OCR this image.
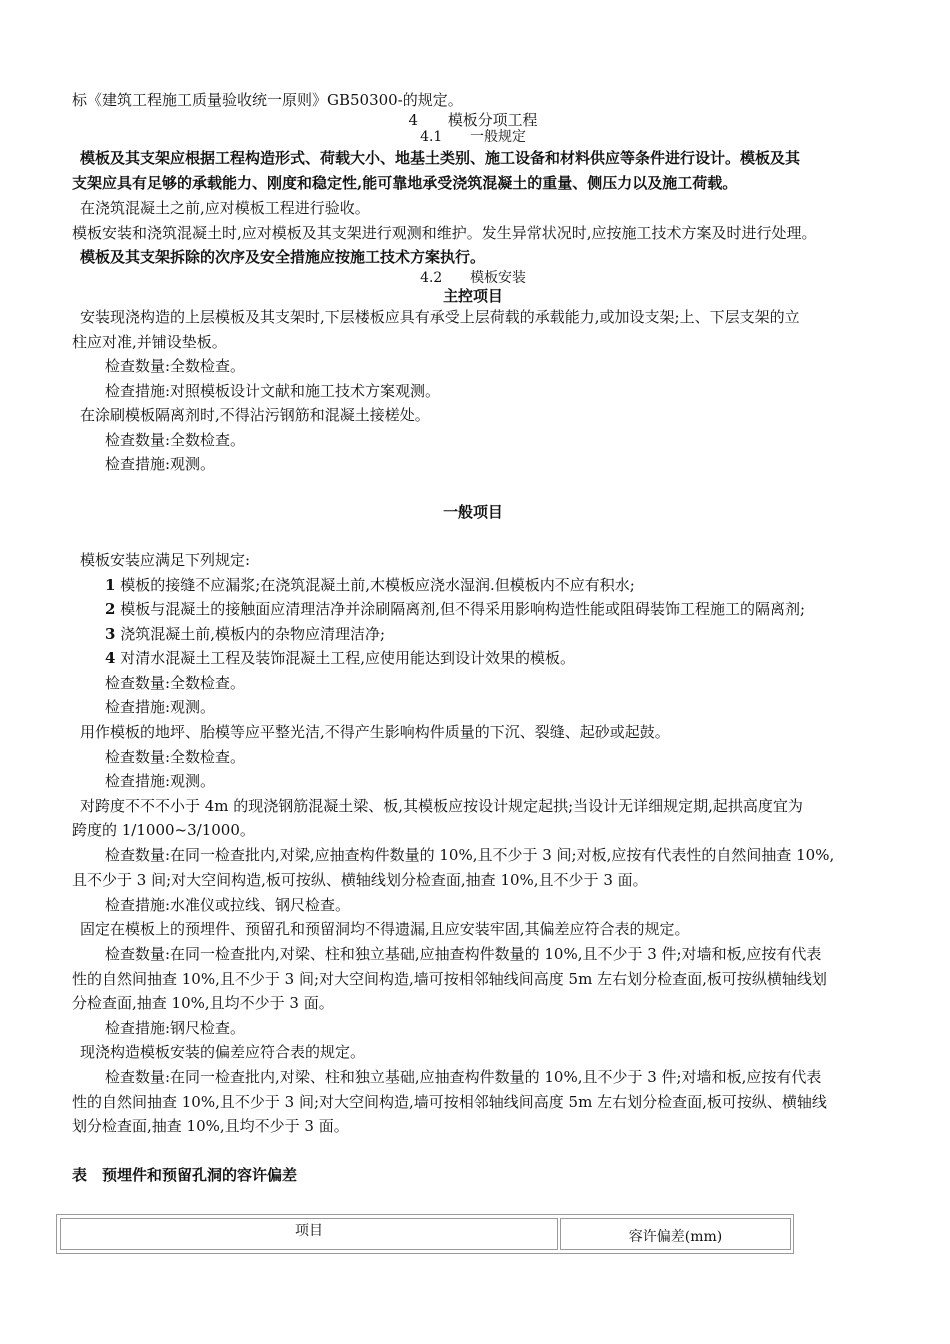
标《建筑工程施工质量验收统一原则》GB50300-的规定。
4　　模板分项工程
4.1　　一般规定
模板及其支架应根据工程构造形式、荷载大小、地基土类别、施工设备和材料供应等条件进行设计。模板及其
支架应具有足够的承载能力、刚度和稳定性,能可靠地承受浇筑混凝土的重量、侧压力以及施工荷载。
在浇筑混凝土之前,应对模板工程进行验收。
模板安装和浇筑混凝土时,应对模板及其支架进行观测和维护。发生异常状况时,应按施工技术方案及时进行处理。
模板及其支架拆除的次序及安全措施应按施工技术方案执行。
4.2　　模板安装
主控项目
安装现浇构造的上层模板及其支架时,下层楼板应具有承受上层荷载的承载能力,或加设支架;上、下层支架的立
柱应对准,并铺设垫板。
检查数量:全数检查。
检查措施:对照模板设计文献和施工技术方案观测。
在涂刷模板隔离剂时,不得沾污钢筋和混凝土接槎处。
检查数量:全数检查。
检查措施:观测。
一般项目
模板安装应满足下列规定:
1 模板的接缝不应漏浆;在浇筑混凝土前,木模板应浇水湿润.但模板内不应有积水;
2 模板与混凝土的接触面应清理洁净并涂刷隔离剂,但不得采用影响构造性能或阻碍装饰工程施工的隔离剂;
3 浇筑混凝土前,模板内的杂物应清理洁净;
4 对清水混凝土工程及装饰混凝土工程,应使用能达到设计效果的模板。
检查数量:全数检查。
检查措施:观测。
用作模板的地坪、胎模等应平整光洁,不得产生影响构件质量的下沉、裂缝、起砂或起鼓。
检查数量:全数检查。
检查措施:观测。
对跨度不不不小于 4m 的现浇钢筋混凝土梁、板,其模板应按设计规定起拱;当设计无详细规定期,起拱高度宜为
跨度的 1/1000~3/1000。
检查数量:在同一检查批内,对梁,应抽查构件数量的 10%,且不少于 3 间;对板,应按有代表性的自然间抽查 10%,
且不少于 3 间;对大空间构造,板可按纵、横轴线划分检查面,抽查 10%,且不少于 3 面。
检查措施:水准仪或拉线、钢尺检查。
固定在模板上的预埋件、预留孔和预留洞均不得遗漏,且应安装牢固,其偏差应符合表的规定。
检查数量:在同一检查批内,对梁、柱和独立基础,应抽查构件数量的 10%,且不少于 3 件;对墙和板,应按有代表
性的自然间抽查 10%,且不少于 3 间;对大空间构造,墙可按相邻轴线间高度 5m 左右划分检查面,板可按纵横轴线划
分检查面,抽查 10%,且均不少于 3 面。
检查措施:钢尺检查。
现浇构造模板安装的偏差应符合表的规定。
检查数量:在同一检查批内,对梁、柱和独立基础,应抽查构件数量的 10%,且不少于 3 件;对墙和板,应按有代表
性的自然间抽查 10%,且不少于 3 间;对大空间构造,墙可按相邻轴线间高度 5m 左右划分检查面,板可按纵、横轴线
划分检查面,抽查 10%,且均不少于 3 面。
表　预埋件和预留孔洞的容许偏差
项目	容许偏差(mm)
